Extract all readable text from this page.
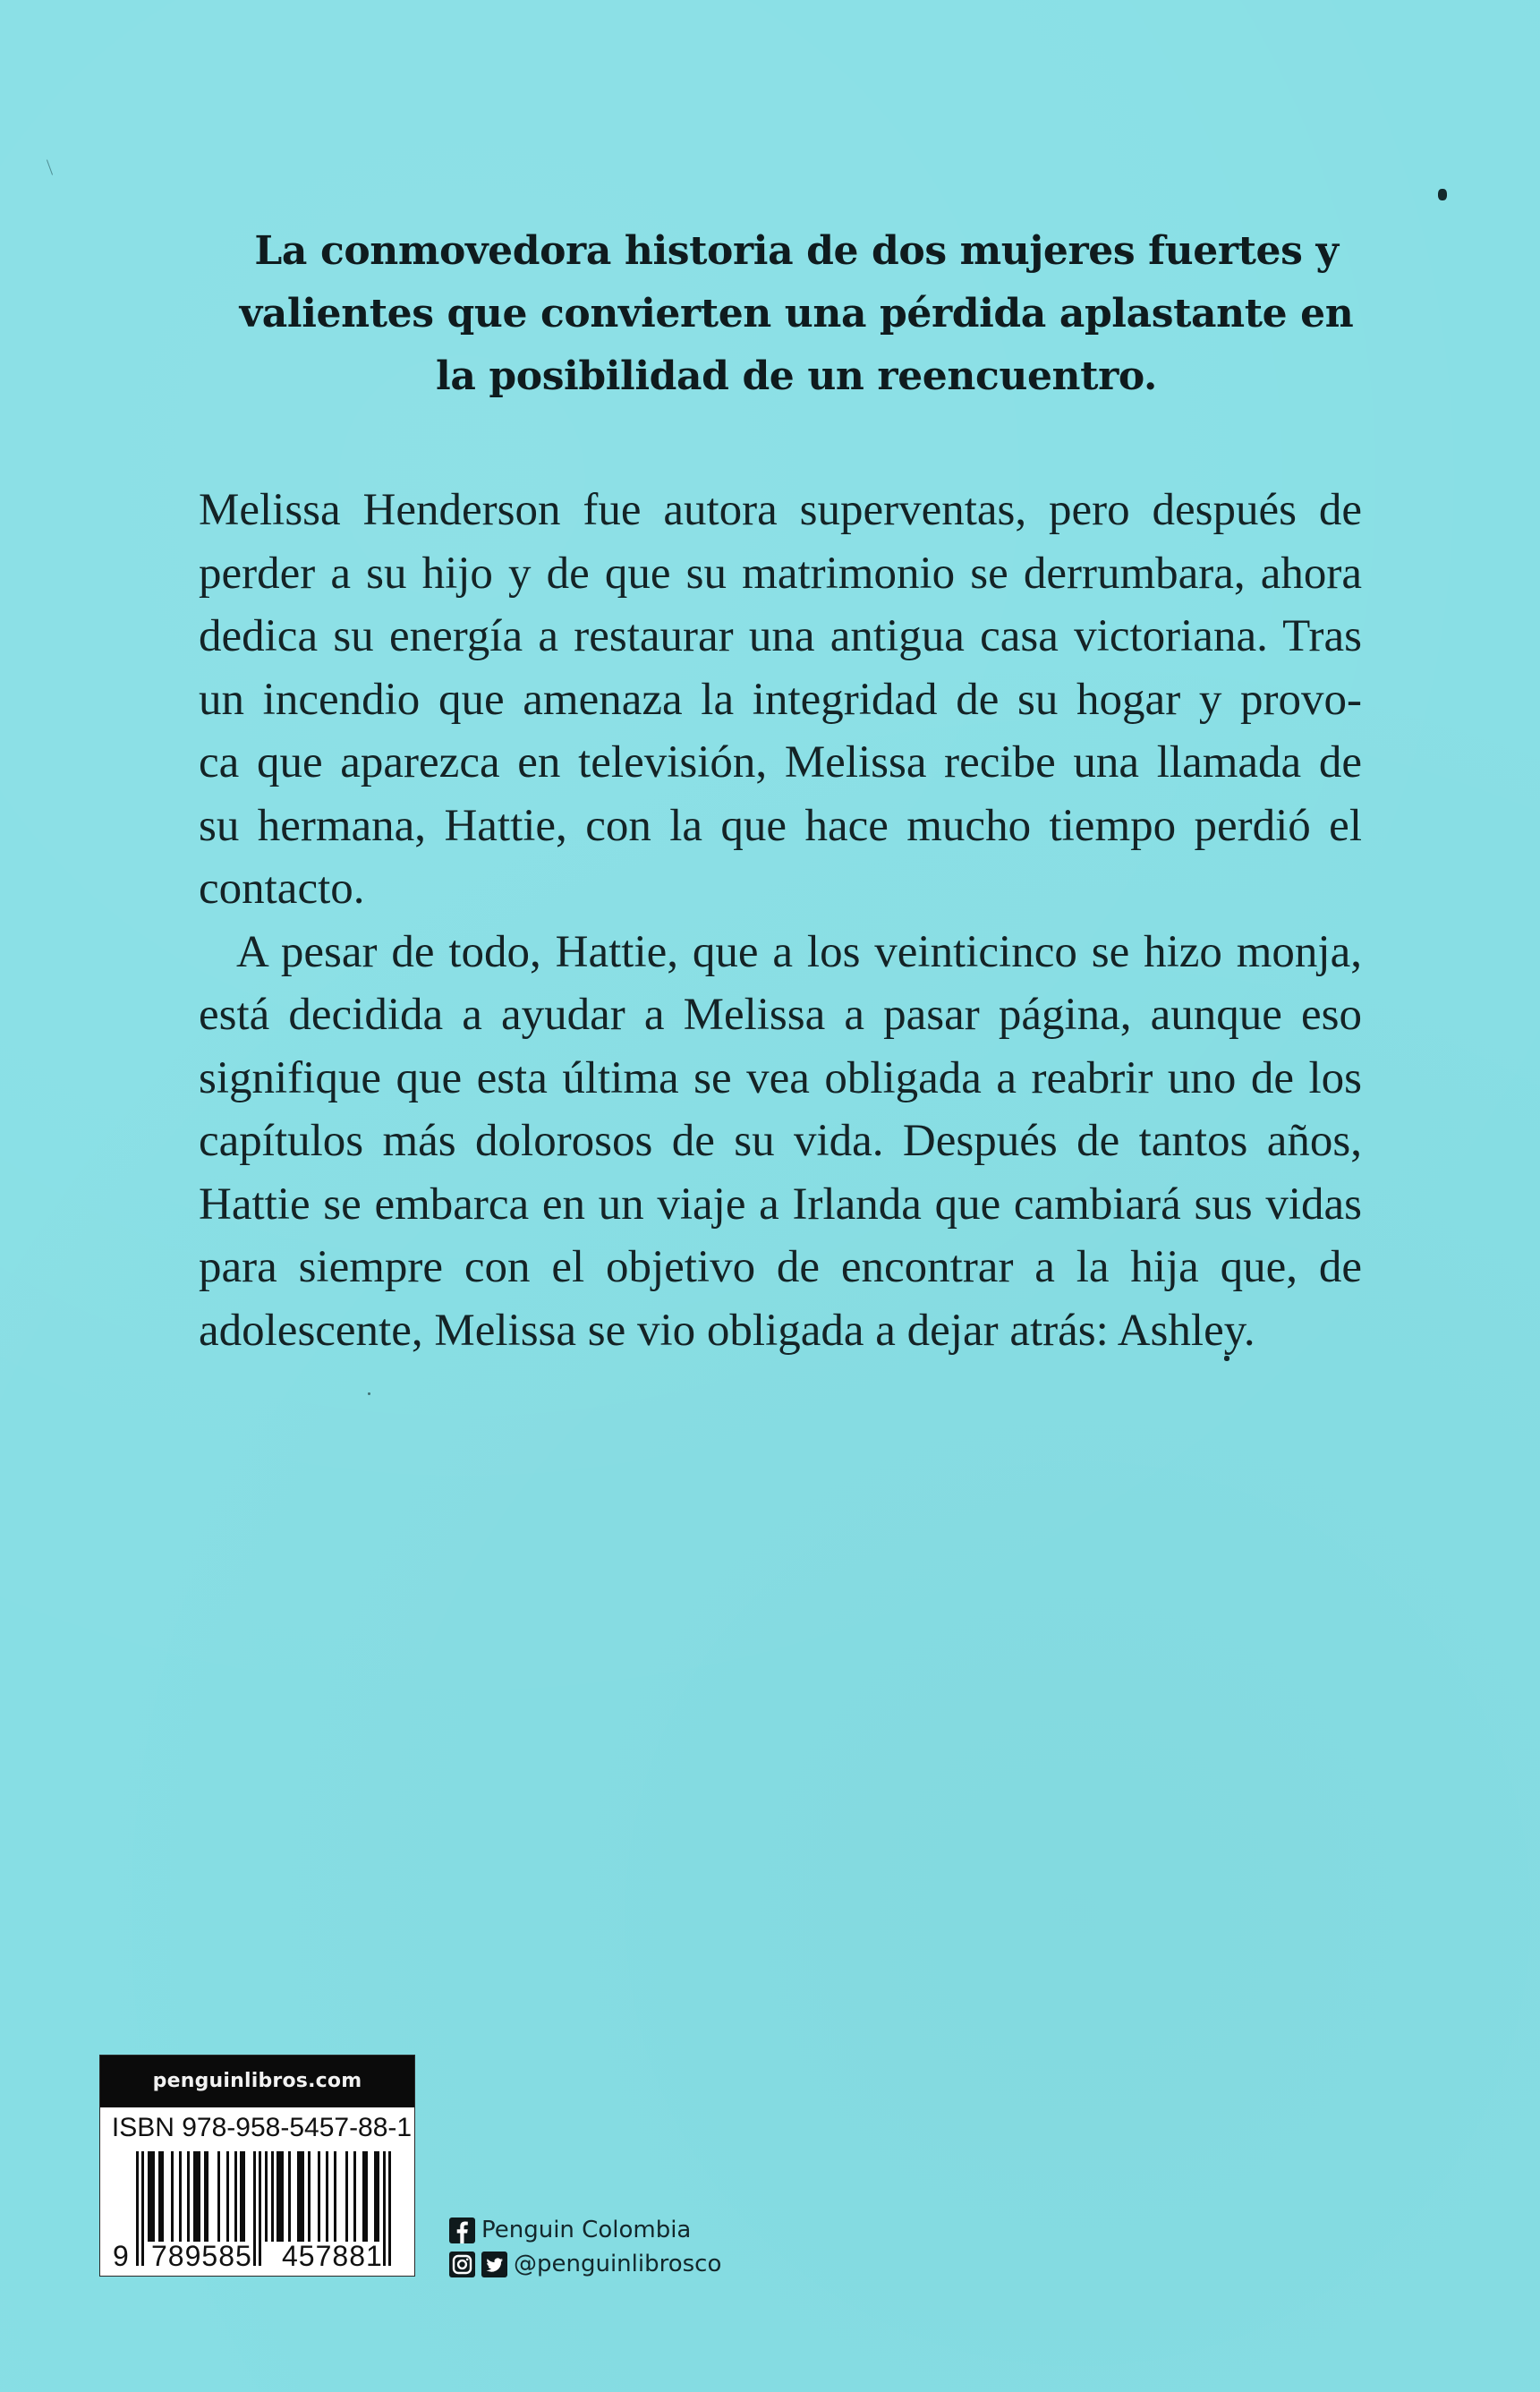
La conmovedora historia de dos mujeres fuertes y
valientes que convierten una pérdida aplastante en
la posibilidad de un reencuentro.
Melissa Henderson fue autora superventas, pero después de
perder a su hijo y de que su matrimonio se derrumbara, ahora
dedica su energía a restaurar una antigua casa victoriana. Tras
un incendio que amenaza la integridad de su hogar y provo-
ca que aparezca en televisión, Melissa recibe una llamada de
su hermana, Hattie, con la que hace mucho tiempo perdió el
contacto.
A pesar de todo, Hattie, que a los veinticinco se hizo monja,
está decidida a ayudar a Melissa a pasar página, aunque eso
signifique que esta última se vea obligada a reabrir uno de los
capítulos más dolorosos de su vida. Después de tantos años,
Hattie se embarca en un viaje a Irlanda que cambiará sus vidas
para siempre con el objetivo de encontrar a la hija que, de
adolescente, Melissa se vio obligada a dejar atrás: Ashley.
penguinlibros.com
ISBN 978-958-5457-88-1
9 789585 457881
Penguin Colombia
@penguinlibrosco
